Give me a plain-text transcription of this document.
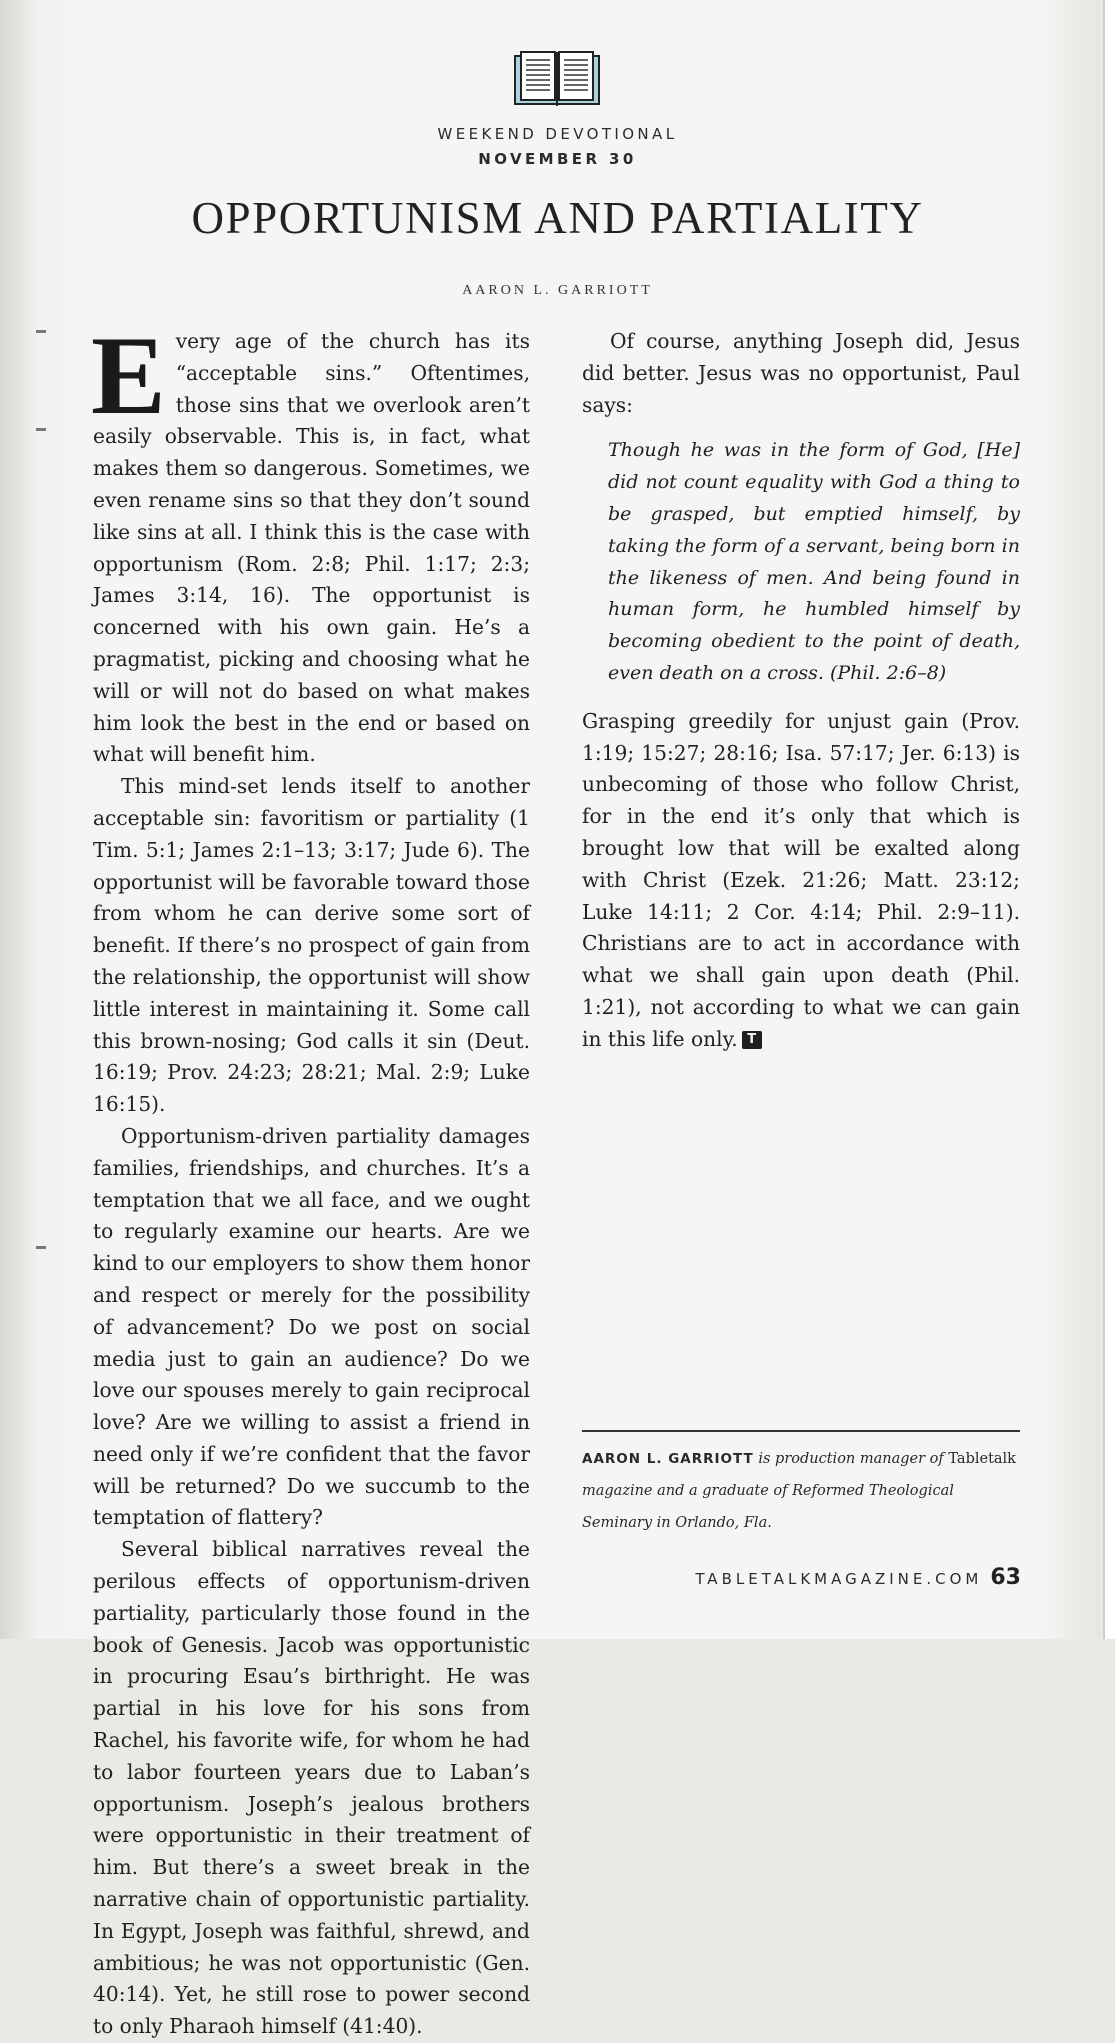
WEEKEND DEVOTIONAL
NOVEMBER 30
OPPORTUNISM AND PARTIALITY
AARON L. GARRIOTT

Every age of the church has its “acceptable sins.” Oftentimes, those sins that we overlook aren’t easily observable. This is, in fact, what makes them so dangerous. Sometimes, we even rename sins so that they don’t sound like sins at all. I think this is the case with opportunism (Rom. 2:8; Phil. 1:17; 2:3; James 3:14, 16). The opportunist is concerned with his own gain. He’s a pragmatist, picking and choosing what he will or will not do based on what makes him look the best in the end or based on what will benefit him.

This mind-set lends itself to another acceptable sin: favoritism or partiality (1 Tim. 5:1; James 2:1–13; 3:17; Jude 6). The opportunist will be favorable toward those from whom he can derive some sort of benefit. If there’s no prospect of gain from the relationship, the opportunist will show little interest in maintaining it. Some call this brown-nosing; God calls it sin (Deut. 16:19; Prov. 24:23; 28:21; Mal. 2:9; Luke 16:15).

Opportunism-driven partiality damages families, friendships, and churches. It’s a temptation that we all face, and we ought to regularly examine our hearts. Are we kind to our employers to show them honor and respect or merely for the possibility of advancement? Do we post on social media just to gain an audience? Do we love our spouses merely to gain reciprocal love? Are we willing to assist a friend in need only if we’re confident that the favor will be returned? Do we succumb to the temptation of flattery?

Several biblical narratives reveal the perilous effects of opportunism-driven partiality, particularly those found in the book of Genesis. Jacob was opportunistic in procuring Esau’s birthright. He was partial in his love for his sons from Rachel, his favorite wife, for whom he had to labor fourteen years due to Laban’s opportunism. Joseph’s jealous brothers were opportunistic in their treatment of him. But there’s a sweet break in the narrative chain of opportunistic partiality. In Egypt, Joseph was faithful, shrewd, and ambitious; he was not opportunistic (Gen. 40:14). Yet, he still rose to power second to only Pharaoh himself (41:40).

Of course, anything Joseph did, Jesus did better. Jesus was no opportunist, Paul says:

Though he was in the form of God, [He] did not count equality with God a thing to be grasped, but emptied himself, by taking the form of a servant, being born in the likeness of men. And being found in human form, he humbled himself by becoming obedient to the point of death, even death on a cross. (Phil. 2:6–8)

Grasping greedily for unjust gain (Prov. 1:19; 15:27; 28:16; Isa. 57:17; Jer. 6:13) is unbecoming of those who follow Christ, for in the end it’s only that which is brought low that will be exalted along with Christ (Ezek. 21:26; Matt. 23:12; Luke 14:11; 2 Cor. 4:14; Phil. 2:9–11). Christians are to act in accordance with what we shall gain upon death (Phil. 1:21), not according to what we can gain in this life only. T

AARON L. GARRIOTT is production manager of Tabletalk magazine and a graduate of Reformed Theological Seminary in Orlando, Fla.
TABLETALKMAGAZINE.COM 63
